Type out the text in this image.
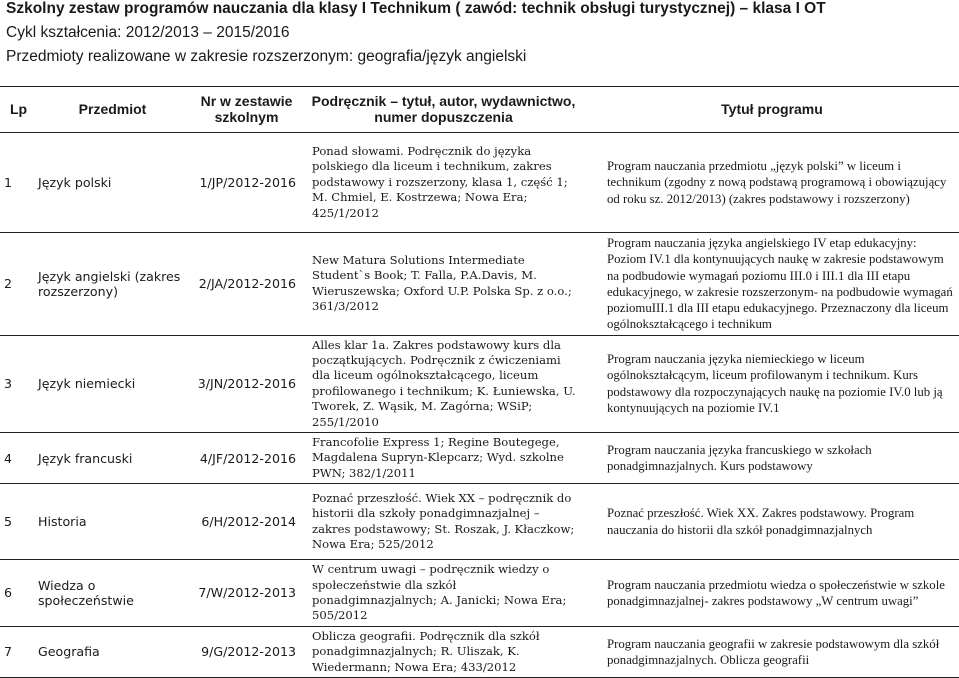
Szkolny zestaw programów nauczania dla klasy I Technikum ( zawód: technik obsługi turystycznej) – klasa I OT
Cykl kształcenia: 2012/2013 – 2015/2016
Przedmioty realizowane w zakresie rozszerzonym: geografia/język angielski
Lp	Przedmiot	Nr w zestawie szkolnym	Podręcznik – tytuł, autor, wydawnictwo, numer dopuszczenia	Tytuł programu
1	Język polski	1/JP/2012-2016	Ponad słowami. Podręcznik do języka polskiego dla liceum i technikum, zakres podstawowy i rozszerzony, klasa 1, część 1; M. Chmiel, E. Kostrzewa; Nowa Era; 425/1/2012	Program nauczania przedmiotu „język polski” w liceum i technikum (zgodny z nową podstawą programową i obowiązujący od roku sz. 2012/2013) (zakres podstawowy i rozszerzony)
2	Język angielski (zakres rozszerzony)	2/JA/2012-2016	New Matura Solutions Intermediate Student`s Book; T. Falla, P.A.Davis, M. Wieruszewska; Oxford U.P. Polska Sp. z o.o.; 361/3/2012	Program nauczania języka angielskiego IV etap edukacyjny: Poziom IV.1 dla kontynuujących naukę w zakresie podstawowym na podbudowie wymagań poziomu III.0 i III.1 dla III etapu edukacyjnego, w zakresie rozszerzonym- na podbudowie wymagań poziomuIII.1 dla III etapu edukacyjnego. Przeznaczony dla liceum ogólnokształcącego i technikum
3	Język niemiecki	3/JN/2012-2016	Alles klar 1a. Zakres podstawowy kurs dla początkujących. Podręcznik z ćwiczeniami dla liceum ogólnokształcącego, liceum profilowanego i technikum; K. Łuniewska, U. Tworek, Z. Wąsik, M. Zagórna; WSiP; 255/1/2010	Program nauczania języka niemieckiego w liceum ogólnokształcącym, liceum profilowanym i technikum. Kurs podstawowy dla rozpoczynających naukę na poziomie IV.0 lub ją kontynuujących na poziomie IV.1
4	Język francuski	4/JF/2012-2016	Francofolie Express 1; Regine Boutegege, Magdalena Supryn-Klepcarz; Wyd. szkolne PWN; 382/1/2011	Program nauczania języka francuskiego w szkołach ponadgimnazjalnych. Kurs podstawowy
5	Historia	6/H/2012-2014	Poznać przeszłość. Wiek XX – podręcznik do historii dla szkoły ponadgimnazjalnej – zakres podstawowy; St. Roszak, J. Kłaczkow; Nowa Era; 525/2012	Poznać przeszłość. Wiek XX. Zakres podstawowy. Program nauczania do historii dla szkół ponadgimnazjalnych
6	Wiedza o społeczeństwie	7/W/2012-2013	W centrum uwagi – podręcznik wiedzy o społeczeństwie dla szkół ponadgimnazjalnych; A. Janicki; Nowa Era; 505/2012	Program nauczania przedmiotu wiedza o społeczeństwie w szkole ponadgimnazjalnej- zakres podstawowy „W centrum uwagi”
7	Geografia	9/G/2012-2013	Oblicza geografii. Podręcznik dla szkół ponadgimnazjalnych; R. Uliszak, K. Wiedermann; Nowa Era; 433/2012	Program nauczania geografii w zakresie podstawowym dla szkół ponadgimnazjalnych. Oblicza geografii
